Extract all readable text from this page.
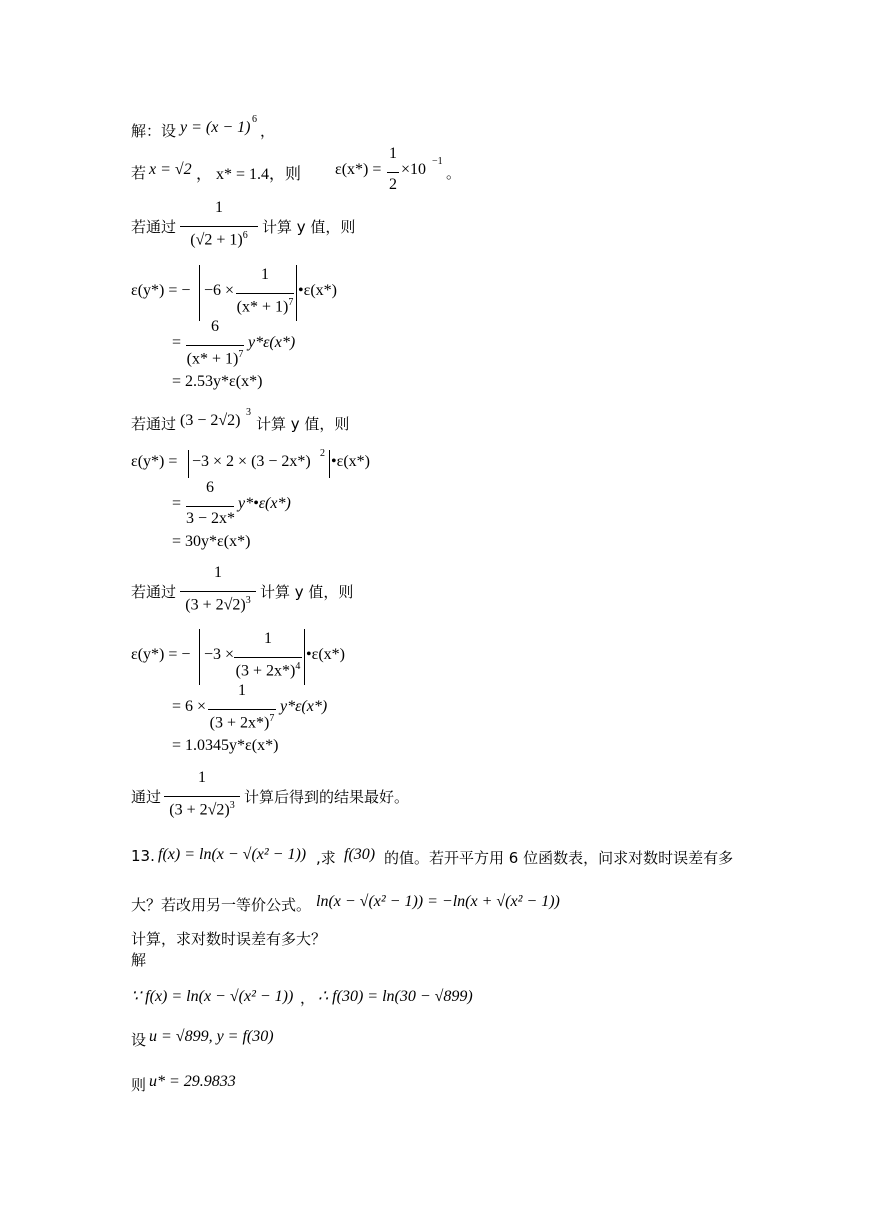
解：设 y = (x − 1) 6
，
若 x = √2 ， x* = 1.4，则 ε(x*) =
1
2
×10 −1
。
若通过
1
$(√2 + 1)^6$ 计算 y 值，则
ε(y*) = − −6 ×
1
$(x* + 1)^7$
•ε(x*)
=
6
$(x* + 1)^7$
y*ε(x*)
= 2.53y*ε(x*)
若通过 (3 − 2√2) 3
计算 y 值，则
ε(y*) = −3 × 2 × (3 − 2x*) 2 •ε(x*)
=
6
3 − 2x*
y*•ε(x*)
= 30y*ε(x*)
若通过
1
$(3 + 2√2)^3$ 计算 y 值，则
ε(y*) = − −3 ×
1
$(3 + 2x*)^4$
•ε(x*)
= 6 ×
1
$(3 + 2x*)^7$
y*ε(x*)
= 1.0345y*ε(x*)
通过
1
$(3 + 2√2)^3$ 计算后得到的结果最好。
13. f(x) = ln(x − √(x² − 1)) ,求 f(30) 的值。若开平方用 6 位函数表，问求对数时误差有多
大？若改用另一等价公式。 ln(x − √(x² − 1)) = −ln(x + √(x² − 1))
计算，求对数时误差有多大？
解
∵ f(x) = ln(x − √(x² − 1)) ， ∴ f(30) = ln(30 − √899)
设 u = √899, y = f(30)
则 u* = 29.9833
